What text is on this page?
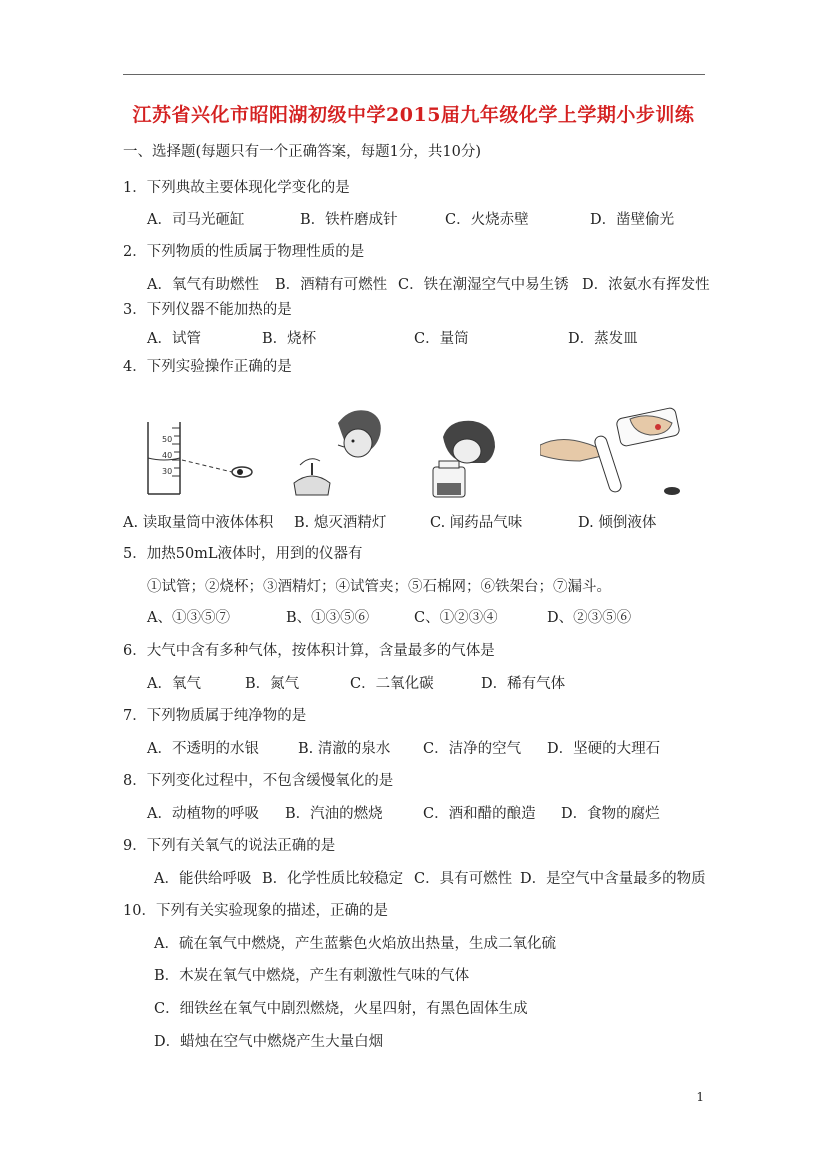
江苏省兴化市昭阳湖初级中学2015届九年级化学上学期小步训练
一、选择题(每题只有一个正确答案，每题1分，共10分)
1．下列典故主要体现化学变化的是
A．司马光砸缸	B．铁杵磨成针	C．火烧赤壁	D．凿壁偷光
2．下列物质的性质属于物理性质的是
A．氧气有助燃性 B．酒精有可燃性 C．铁在潮湿空气中易生锈 D．浓氨水有挥发性
3．下列仪器不能加热的是
A．试管	B．烧杯	C．量筒	D．蒸发皿
4．下列实验操作正确的是
50
40
30
A. 读取量筒中液体体积 B. 熄灭酒精灯	C. 闻药品气味	D. 倾倒液体
5．加热50mL液体时，用到的仪器有
①试管；②烧杯；③酒精灯；④试管夹；⑤石棉网；⑥铁架台；⑦漏斗。
A、①③⑤⑦	B、①③⑤⑥	C、①②③④	D、②③⑤⑥
6．大气中含有多种气体，按体积计算，含量最多的气体是
A．氧气	B．氮气	C．二氧化碳	D．稀有气体
7．下列物质属于纯净物的是
A．不透明的水银	B. 清澈的泉水 C．洁净的空气 D．坚硬的大理石
8．下列变化过程中，不包含缓慢氧化的是
A．动植物的呼吸 B．汽油的燃烧	C．酒和醋的酿造 D．食物的腐烂
9．下列有关氧气的说法正确的是
A．能供给呼吸 B．化学性质比较稳定 C．具有可燃性 D．是空气中含量最多的物质
10．下列有关实验现象的描述，正确的是
A．硫在氧气中燃烧，产生蓝紫色火焰放出热量，生成二氧化硫
B．木炭在氧气中燃烧，产生有刺激性气味的气体
C．细铁丝在氧气中剧烈燃烧，火星四射，有黑色固体生成
D．蜡烛在空气中燃烧产生大量白烟
1
